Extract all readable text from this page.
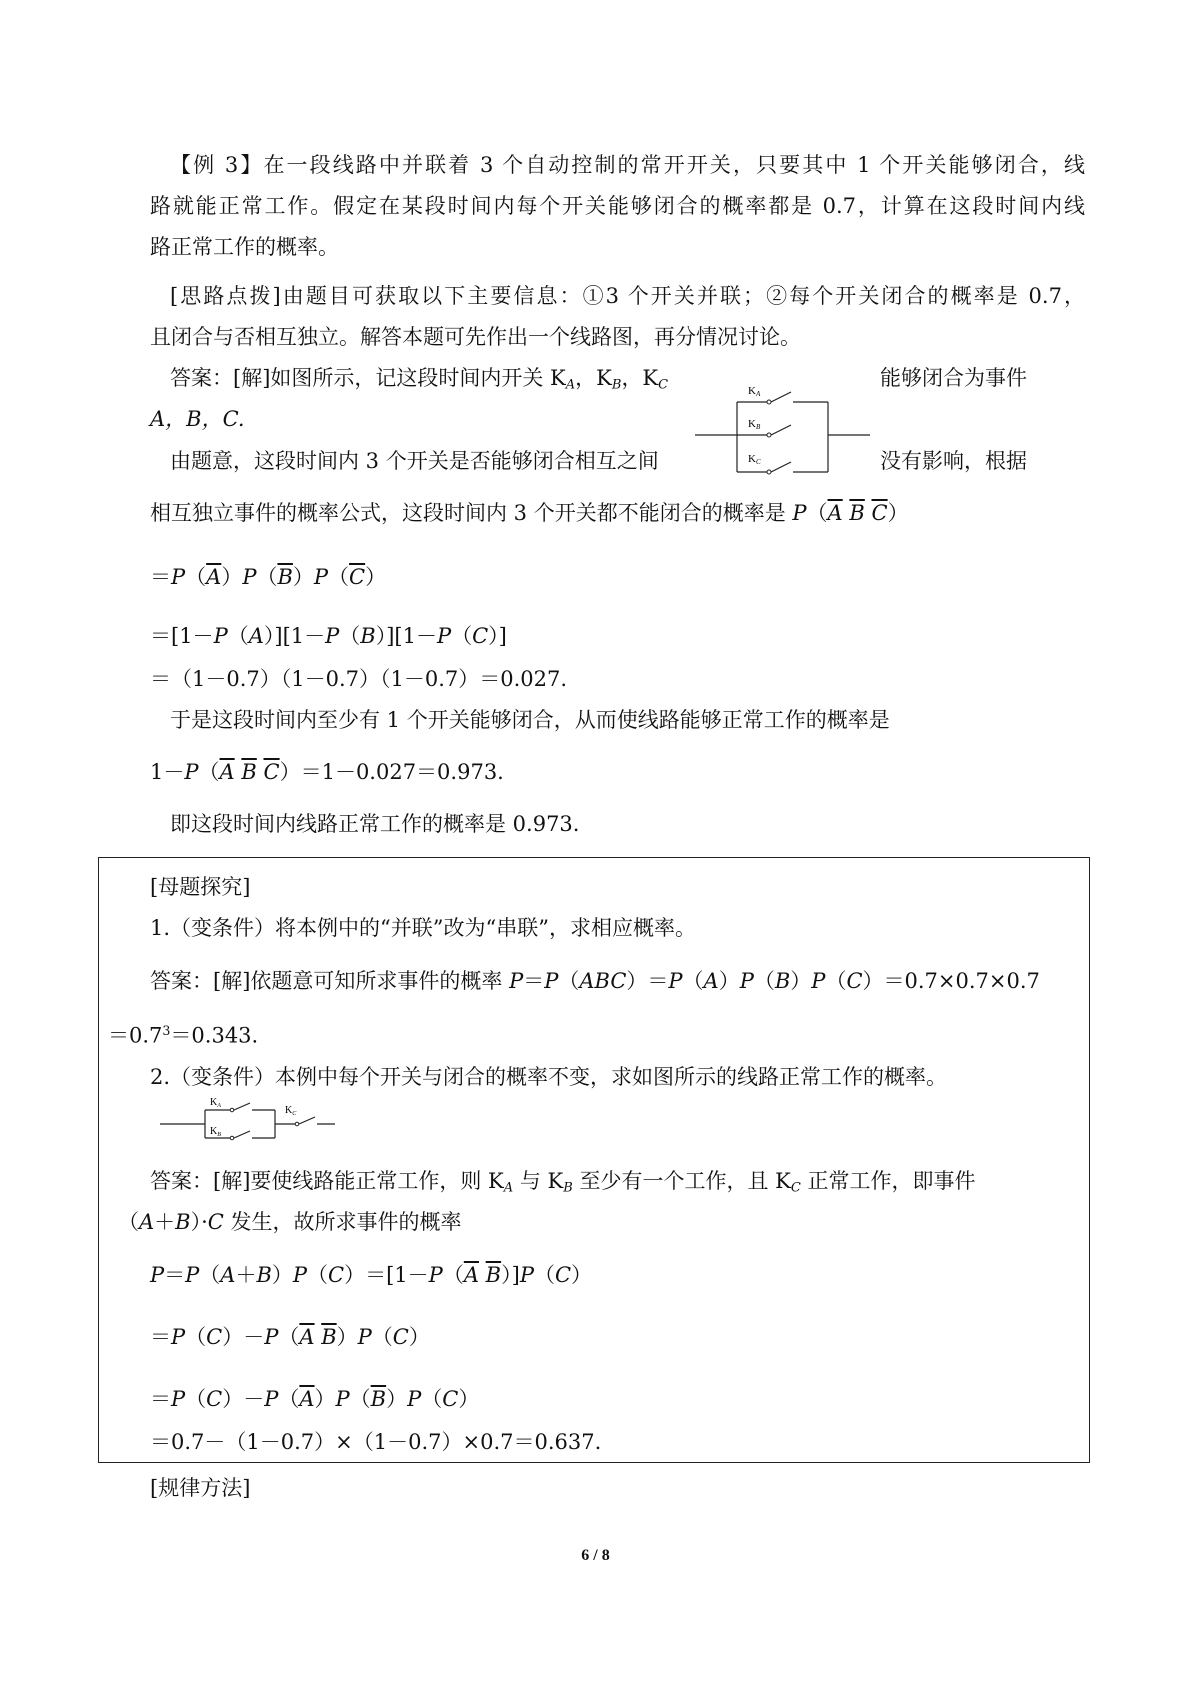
【例 3】在一段线路中并联着 3 个自动控制的常开开关，只要其中 1 个开关能够闭合，线
路就能正常工作。假定在某段时间内每个开关能够闭合的概率都是 0.7，计算在这段时间内线
路正常工作的概率。
[思路点拨]由题目可获取以下主要信息：①3 个开关并联；②每个开关闭合的概率是 0.7，
且闭合与否相互独立。解答本题可先作出一个线路图，再分情况讨论。
答案：[解]如图所示，记这段时间内开关 $K_A$，$K_B$，$K_C$	能够闭合为事件
A，B，C.
由题意，这段时间内 3 个开关是否能够闭合相互之间	没有影响，根据
相互独立事件的概率公式，这段时间内 3 个开关都不能闭合的概率是 $P(\overline{A}$ $\overline{B}$ $\overline{C}$）
$=P(\overline{A})P(\overline{B})P(\overline{C})$
＝[1－P（A）][1－P（B）][1－P（C）]
＝（1－0.7）（1－0.7）（1－0.7）＝0.027.
于是这段时间内至少有 1 个开关能够闭合，从而使线路能够正常工作的概率是
$1-P(\overline{A}$ $\overline{B}$ $\overline{C})=1-0.027=0.973$.
即这段时间内线路正常工作的概率是 0.973.
KA
KB
KC
[母题探究]
1.（变条件）将本例中的“并联”改为“串联”，求相应概率。
答案：[解]依题意可知所求事件的概率 P＝P（ABC）＝P（A）P（B）P（C）＝0.7×0.7×0.7
$=0.7^3=0.343$.
2.（变条件）本例中每个开关与闭合的概率不变，求如图所示的线路正常工作的概率。
$K_A$
$K_B$
$K_C$
答案：[解]要使线路能正常工作，则 $K_A$ 与 $K_B$ 至少有一个工作，且 $K_C$ 正常工作，即事件
（A＋B）·C 发生，故所求事件的概率
$P=P(A+B)P(C)=[1-P(\overline{A}$ $\overline{B})]P(C)$
$=P(C)-P(\overline{A}$ $\overline{B})P(C)$
$=P(C)-P(\overline{A})P(\overline{B})P(C)$
＝0.7－（1－0.7）×（1－0.7）×0.7＝0.637.
[规律方法]
6 / 8
